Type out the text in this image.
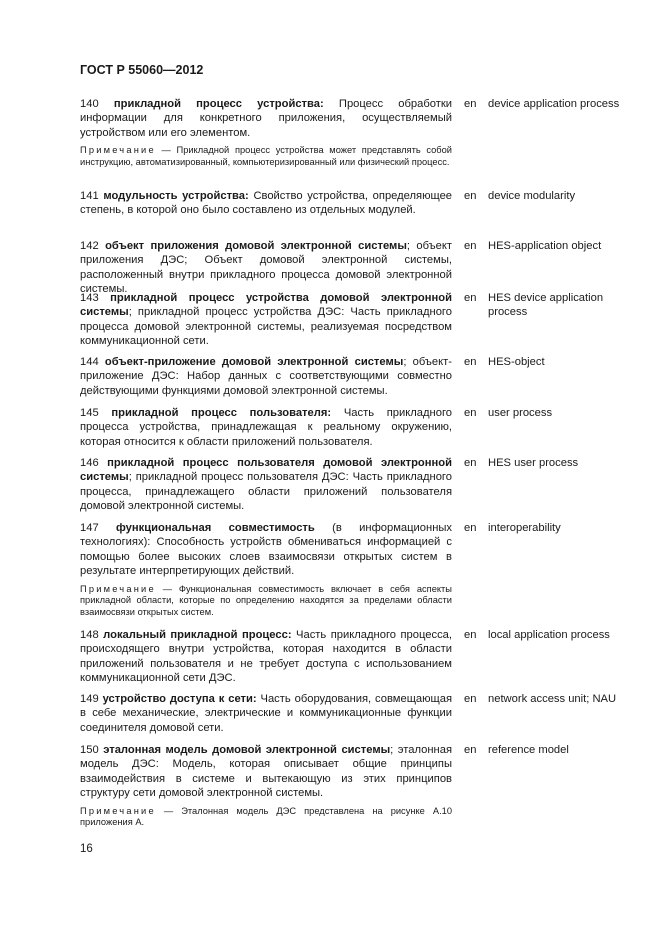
ГОСТ Р 55060—2012
140 прикладной процесс устройства: Процесс обработки информации для конкретного приложения, осуществляемый устройством или его элементом.
Примечание — Прикладной процесс устройства может представлять собой инструкцию, автоматизированный, компьютеризированный или физический процесс.
en device application process
141 модульность устройства: Свойство устройства, определяющее степень, в которой оно было составлено из отдельных модулей.
en device modularity
142 объект приложения домовой электронной системы; объект приложения ДЭС; Объект домовой электронной системы, расположенный внутри прикладного процесса домовой электронной системы.
en HES-application object
143 прикладной процесс устройства домовой электронной системы; прикладной процесс устройства ДЭС: Часть прикладного процесса домовой электронной системы, реализуемая посредством коммуникационной сети.
en HES device application process
144 объект-приложение домовой электронной системы; объект-приложение ДЭС: Набор данных с соответствующими совместно действующими функциями домовой электронной системы.
en HES-object
145 прикладной процесс пользователя: Часть прикладного процесса устройства, принадлежащая к реальному окружению, которая относится к области приложений пользователя.
en user process
146 прикладной процесс пользователя домовой электронной системы; прикладной процесс пользователя ДЭС: Часть прикладного процесса, принадлежащего области приложений пользователя домовой электронной системы.
en HES user process
147 функциональная совместимость (в информационных технологиях): Способность устройств обмениваться информацией с помощью более высоких слоев взаимосвязи открытых систем в результате интерпретирующих действий.
Примечание — Функциональная совместимость включает в себя аспекты прикладной области, которые по определению находятся за пределами области взаимосвязи открытых систем.
en interoperability
148 локальный прикладной процесс: Часть прикладного процесса, происходящего внутри устройства, которая находится в области приложений пользователя и не требует доступа с использованием коммуникационной сети ДЭС.
en local application process
149 устройство доступа к сети: Часть оборудования, совмещающая в себе механические, электрические и коммуникационные функции соединителя домовой сети.
en network access unit; NAU
150 эталонная модель домовой электронной системы; эталонная модель ДЭС: Модель, которая описывает общие принципы взаимодействия в системе и вытекающую из этих принципов структуру сети домовой электронной системы.
Примечание — Эталонная модель ДЭС представлена на рисунке А.10 приложения А.
en reference model
16
